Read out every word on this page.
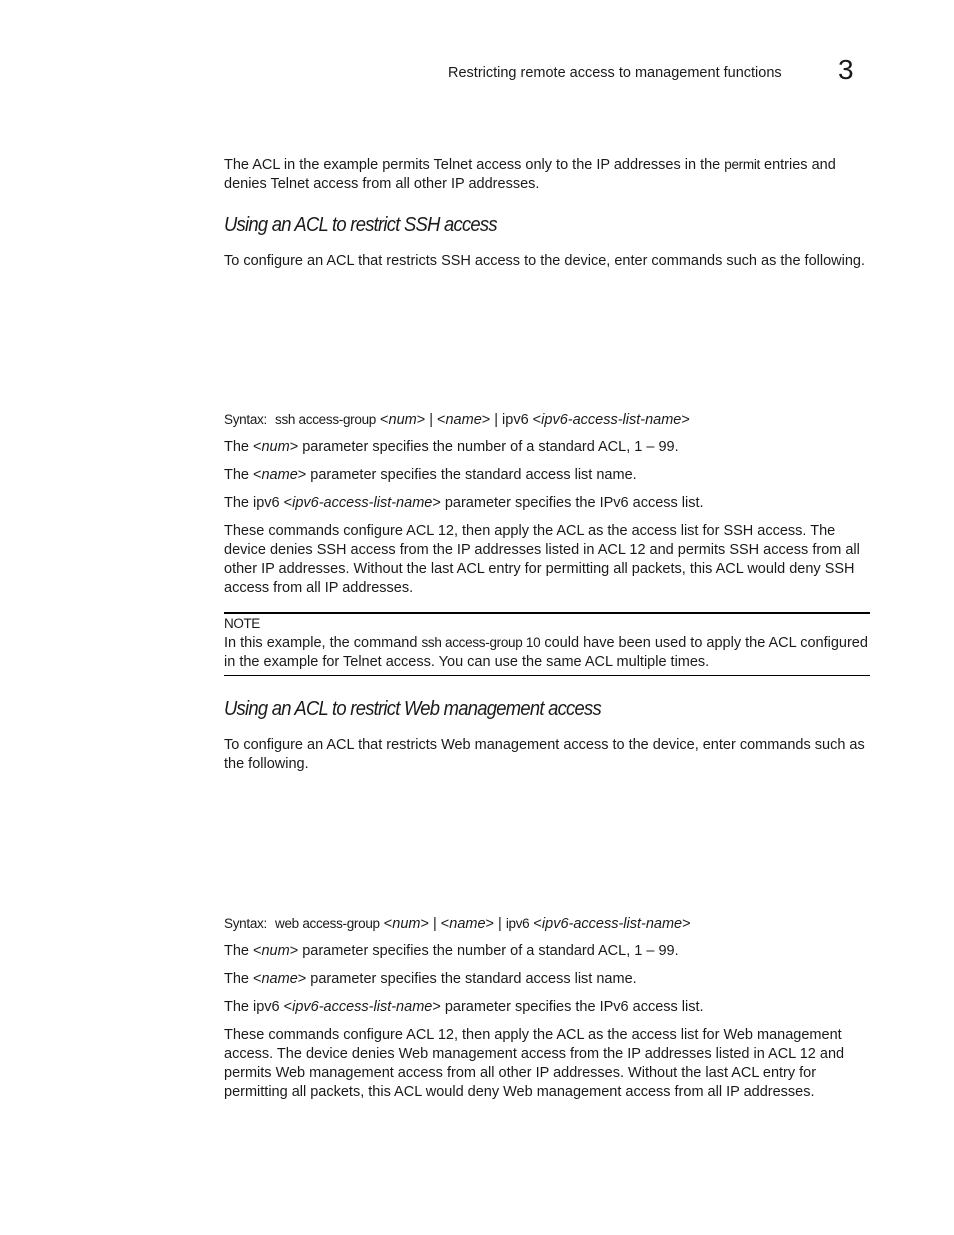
Restricting remote access to management functions 3

The ACL in the example permits Telnet access only to the IP addresses in the permit entries and denies Telnet access from all other IP addresses.

Using an ACL to restrict SSH access

To configure an ACL that restricts SSH access to the device, enter commands such as the following.

Syntax: ssh access-group <num> | <name> | ipv6 <ipv6-access-list-name>
The <num> parameter specifies the number of a standard ACL, 1 – 99.
The <name> parameter specifies the standard access list name.
The ipv6 <ipv6-access-list-name> parameter specifies the IPv6 access list.

These commands configure ACL 12, then apply the ACL as the access list for SSH access. The device denies SSH access from the IP addresses listed in ACL 12 and permits SSH access from all other IP addresses. Without the last ACL entry for permitting all packets, this ACL would deny SSH access from all IP addresses.

NOTE

In this example, the command ssh access-group 10 could have been used to apply the ACL configured in the example for Telnet access. You can use the same ACL multiple times.

Using an ACL to restrict Web management access

To configure an ACL that restricts Web management access to the device, enter commands such as the following.

Syntax: web access-group <num> | <name> | ipv6 <ipv6-access-list-name>
The <num> parameter specifies the number of a standard ACL, 1 – 99.
The <name> parameter specifies the standard access list name.
The ipv6 <ipv6-access-list-name> parameter specifies the IPv6 access list.

These commands configure ACL 12, then apply the ACL as the access list for Web management access. The device denies Web management access from the IP addresses listed in ACL 12 and permits Web management access from all other IP addresses. Without the last ACL entry for permitting all packets, this ACL would deny Web management access from all IP addresses.
